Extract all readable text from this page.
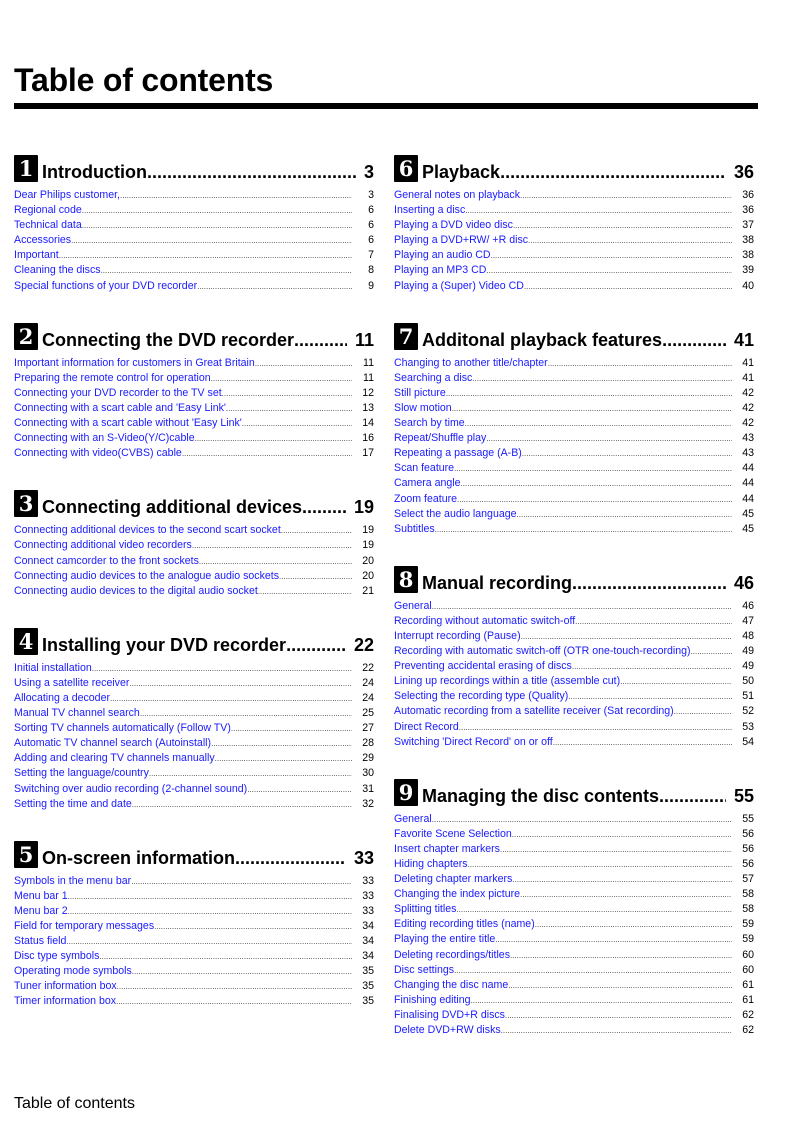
Table of contents
1 Introduction .....	3
Dear Philips customer, .....	3
Regional code .....	6
Technical data .....	6
Accessories .....	6
Important .....	7
Cleaning the discs .....	8
Special functions of your DVD recorder .....	9
2 Connecting the DVD recorder .....	11
Important information for customers in Great Britain .....	11
Preparing the remote control for operation .....	11
Connecting your DVD recorder to the TV set .....	12
Connecting with a scart cable and 'Easy Link' .....	13
Connecting with a scart cable without 'Easy Link' .....	14
Connecting with an S-Video(Y/C)cable .....	16
Connecting with video(CVBS) cable .....	17
3 Connecting additional devices .....	19
Connecting additional devices to the second scart socket .....	19
Connecting additional video recorders .....	19
Connect camcorder to the front sockets .....	20
Connecting audio devices to the analogue audio sockets .....	20
Connecting audio devices to the digital audio socket .....	21
4 Installing your DVD recorder .....	22
Initial installation .....	22
Using a satellite receiver .....	24
Allocating a decoder .....	24
Manual TV channel search .....	25
Sorting TV channels automatically (Follow TV) .....	27
Automatic TV channel search (Autoinstall) .....	28
Adding and clearing TV channels manually .....	29
Setting the language/country .....	30
Switching over audio recording (2-channel sound) .....	31
Setting the time and date .....	32
5 On-screen information .....	33
Symbols in the menu bar .....	33
Menu bar 1 .....	33
Menu bar 2 .....	33
Field for temporary messages .....	34
Status field .....	34
Disc type symbols .....	34
Operating mode symbols .....	35
Tuner information box .....	35
Timer information box .....	35
6 Playback .....	36
General notes on playback .....	36
Inserting a disc .....	36
Playing a DVD video disc .....	37
Playing a DVD+RW/ +R disc .....	38
Playing an audio CD .....	38
Playing an MP3 CD .....	39
Playing a (Super) Video CD .....	40
7 Additonal playback features .....	41
Changing to another title/chapter .....	41
Searching a disc .....	41
Still picture .....	42
Slow motion .....	42
Search by time .....	42
Repeat/Shuffle play .....	43
Repeating a passage (A-B) .....	43
Scan feature .....	44
Camera angle .....	44
Zoom feature .....	44
Select the audio language .....	45
Subtitles .....	45
8 Manual recording .....	46
General .....	46
Recording without automatic switch-off .....	47
Interrupt recording (Pause) .....	48
Recording with automatic switch-off (OTR one-touch-recording) .....	49
Preventing accidental erasing of discs .....	49
Lining up recordings within a title (assemble cut) .....	50
Selecting the recording type (Quality) .....	51
Automatic recording from a satellite receiver (Sat recording) .....	52
Direct Record .....	53
Switching 'Direct Record' on or off .....	54
9 Managing the disc contents .....	55
General .....	55
Favorite Scene Selection .....	56
Insert chapter markers .....	56
Hiding chapters .....	56
Deleting chapter markers .....	57
Changing the index picture .....	58
Splitting titles .....	58
Editing recording titles (name) .....	59
Playing the entire title .....	59
Deleting recordings/titles .....	60
Disc settings .....	60
Changing the disc name .....	61
Finishing editing .....	61
Finalising DVD+R discs .....	62
Delete DVD+RW disks .....	62
Table of contents
